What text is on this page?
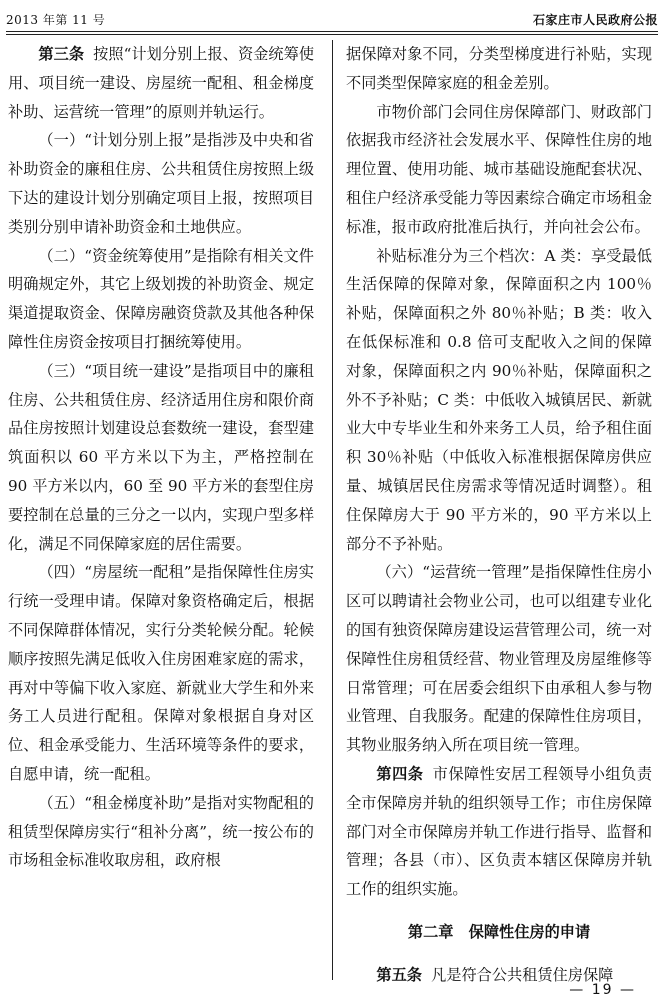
2013 年第 11 号	石家庄市人民政府公报

第三条 按照“计划分别上报、资金统筹使用、项目统一建设、房屋统一配租、租金梯度补助、运营统一管理”的原则并轨运行。

（一）“计划分别上报”是指涉及中央和省补助资金的廉租住房、公共租赁住房按照上级下达的建设计划分别确定项目上报，按照项目类别分别申请补助资金和土地供应。

（二）“资金统筹使用”是指除有相关文件明确规定外，其它上级划拨的补助资金、规定渠道提取资金、保障房融资贷款及其他各种保障性住房资金按项目打捆统筹使用。

（三）“项目统一建设”是指项目中的廉租住房、公共租赁住房、经济适用住房和限价商品住房按照计划建设总套数统一建设，套型建筑面积以 60 平方米以下为主，严格控制在 90 平方米以内，60 至 90 平方米的套型住房要控制在总量的三分之一以内，实现户型多样化，满足不同保障家庭的居住需要。

（四）“房屋统一配租”是指保障性住房实行统一受理申请。保障对象资格确定后，根据不同保障群体情况，实行分类轮候分配。轮候顺序按照先满足低收入住房困难家庭的需求，再对中等偏下收入家庭、新就业大学生和外来务工人员进行配租。保障对象根据自身对区位、租金承受能力、生活环境等条件的要求，自愿申请，统一配租。

（五）“租金梯度补助”是指对实物配租的租赁型保障房实行“租补分离”，统一按公布的市场租金标准收取房租，政府根

据保障对象不同，分类型梯度进行补贴，实现不同类型保障家庭的租金差别。

市物价部门会同住房保障部门、财政部门依据我市经济社会发展水平、保障性住房的地理位置、使用功能、城市基础设施配套状况、租住户经济承受能力等因素综合确定市场租金标准，报市政府批准后执行，并向社会公布。

补贴标准分为三个档次：A 类：享受最低生活保障的保障对象，保障面积之内 100％补贴，保障面积之外 80％补贴；B 类：收入在低保标准和 0.8 倍可支配收入之间的保障对象，保障面积之内 90％补贴，保障面积之外不予补贴；C 类：中低收入城镇居民、新就业大中专毕业生和外来务工人员，给予租住面积 30％补贴（中低收入标准根据保障房供应量、城镇居民住房需求等情况适时调整）。租住保障房大于 90 平方米的，90 平方米以上部分不予补贴。

（六）“运营统一管理”是指保障性住房小区可以聘请社会物业公司，也可以组建专业化的国有独资保障房建设运营管理公司，统一对保障性住房租赁经营、物业管理及房屋维修等日常管理；可在居委会组织下由承租人参与物业管理、自我服务。配建的保障性住房项目，其物业服务纳入所在项目统一管理。

第四条 市保障性安居工程领导小组负责全市保障房并轨的组织领导工作；市住房保障部门对全市保障房并轨工作进行指导、监督和管理；各县（市）、区负责本辖区保障房并轨工作的组织实施。

第二章　保障性住房的申请

第五条 凡是符合公共租赁住房保障

— 19 —
